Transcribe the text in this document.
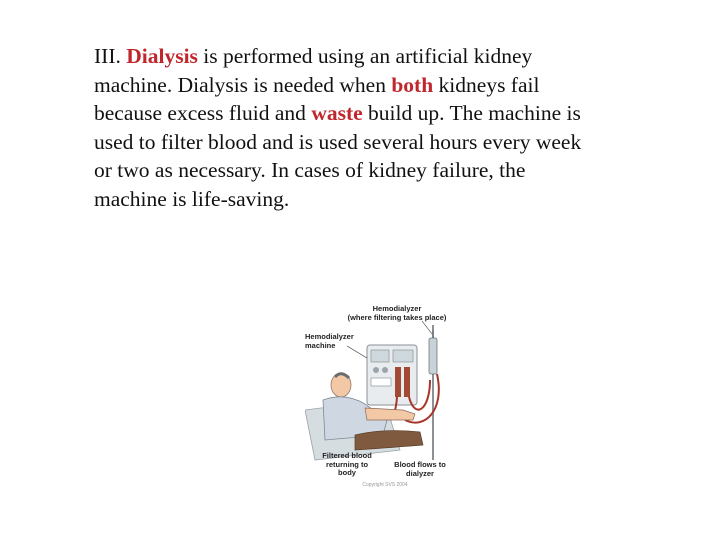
III. Dialysis is performed using an artificial kidney
machine. Dialysis is needed when both kidneys fail
because excess fluid and waste build up. The machine is
used to filter blood and is used several hours every week
or two as necessary. In cases of kidney failure, the
machine is life-saving.
Hemodialyzer
(where filtering takes place)
Hemodialyzer
machine
Filtered blood
returning to
body
Blood flows to
dialyzer
Copyright SVS 2004
